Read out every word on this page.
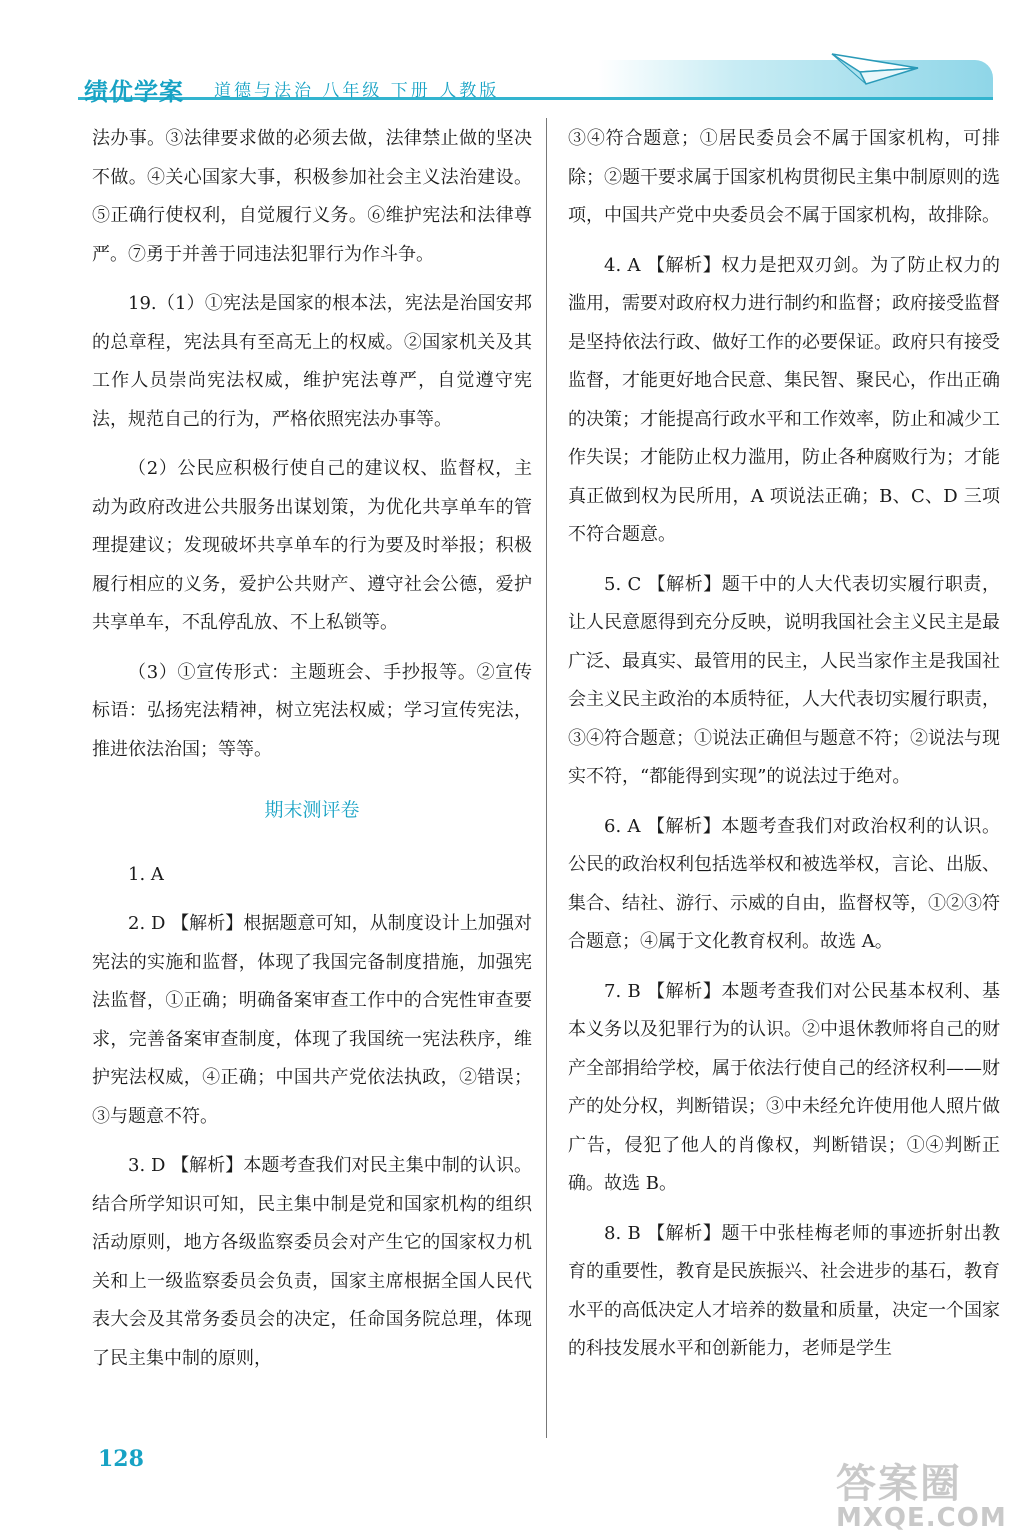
绩优学案 道德与法治 八年级 下册 人教版

法办事。③法律要求做的必须去做，法律禁止做的坚决不做。④关心国家大事，积极参加社会主义法治建设。⑤正确行使权利，自觉履行义务。⑥维护宪法和法律尊严。⑦勇于并善于同违法犯罪行为作斗争。

19.（1）①宪法是国家的根本法，宪法是治国安邦的总章程，宪法具有至高无上的权威。②国家机关及其工作人员崇尚宪法权威，维护宪法尊严，自觉遵守宪法，规范自己的行为，严格依照宪法办事等。

（2）公民应积极行使自己的建议权、监督权，主动为政府改进公共服务出谋划策，为优化共享单车的管理提建议；发现破坏共享单车的行为要及时举报；积极履行相应的义务，爱护公共财产、遵守社会公德，爱护共享单车，不乱停乱放、不上私锁等。

（3）①宣传形式：主题班会、手抄报等。②宣传标语：弘扬宪法精神，树立宪法权威；学习宣传宪法，推进依法治国；等等。

期末测评卷

1. A

2. D 【解析】根据题意可知，从制度设计上加强对宪法的实施和监督，体现了我国完备制度措施，加强宪法监督，①正确；明确备案审查工作中的合宪性审查要求，完善备案审查制度，体现了我国统一宪法秩序，维护宪法权威，④正确；中国共产党依法执政，②错误；③与题意不符。

3. D 【解析】本题考查我们对民主集中制的认识。结合所学知识可知，民主集中制是党和国家机构的组织活动原则，地方各级监察委员会对产生它的国家权力机关和上一级监察委员会负责，国家主席根据全国人民代表大会及其常务委员会的决定，任命国务院总理，体现了民主集中制的原则，

③④符合题意；①居民委员会不属于国家机构，可排除；②题干要求属于国家机构贯彻民主集中制原则的选项，中国共产党中央委员会不属于国家机构，故排除。

4. A 【解析】权力是把双刃剑。为了防止权力的滥用，需要对政府权力进行制约和监督；政府接受监督是坚持依法行政、做好工作的必要保证。政府只有接受监督，才能更好地合民意、集民智、聚民心，作出正确的决策；才能提高行政水平和工作效率，防止和减少工作失误；才能防止权力滥用，防止各种腐败行为；才能真正做到权为民所用，A 项说法正确；B、C、D 三项不符合题意。

5. C 【解析】题干中的人大代表切实履行职责，让人民意愿得到充分反映，说明我国社会主义民主是最广泛、最真实、最管用的民主，人民当家作主是我国社会主义民主政治的本质特征，人大代表切实履行职责，③④符合题意；①说法正确但与题意不符；②说法与现实不符，“都能得到实现”的说法过于绝对。

6. A 【解析】本题考查我们对政治权利的认识。公民的政治权利包括选举权和被选举权，言论、出版、集合、结社、游行、示威的自由，监督权等，①②③符合题意；④属于文化教育权利。故选 A。

7. B 【解析】本题考查我们对公民基本权利、基本义务以及犯罪行为的认识。②中退休教师将自己的财产全部捐给学校，属于依法行使自己的经济权利——财产的处分权，判断错误；③中未经允许使用他人照片做广告，侵犯了他人的肖像权，判断错误；①④判断正确。故选 B。

8. B 【解析】题干中张桂梅老师的事迹折射出教育的重要性，教育是民族振兴、社会进步的基石，教育水平的高低决定人才培养的数量和质量，决定一个国家的科技发展水平和创新能力，老师是学生

128
答案圈
MXQE.COM
